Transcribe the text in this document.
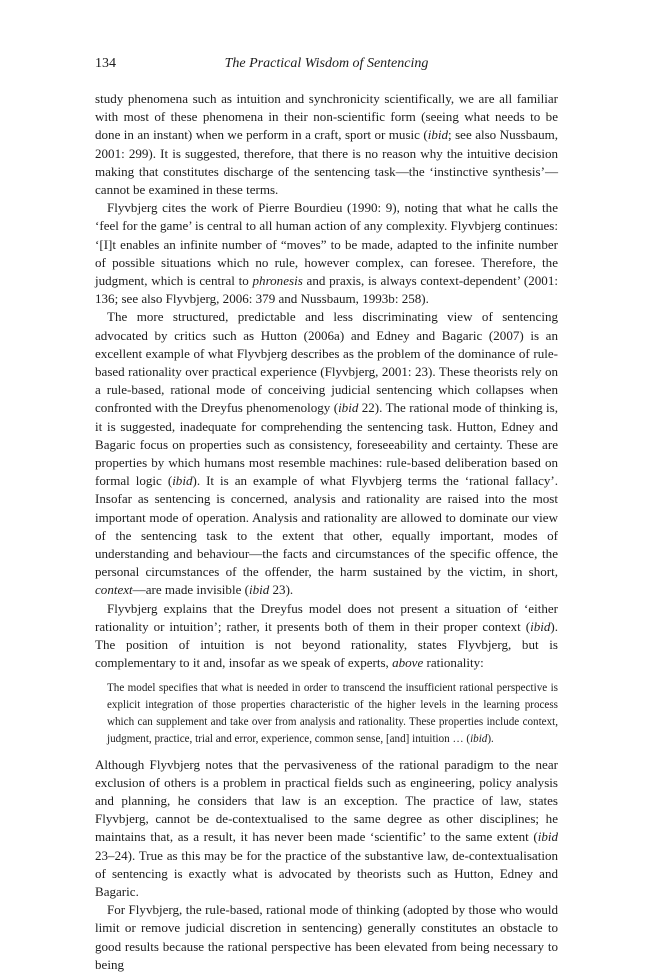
134	The Practical Wisdom of Sentencing

study phenomena such as intuition and synchronicity scientifically, we are all familiar with most of these phenomena in their non-scientific form (seeing what needs to be done in an instant) when we perform in a craft, sport or music (ibid; see also Nussbaum, 2001: 299). It is suggested, therefore, that there is no reason why the intuitive decision making that constitutes discharge of the sentencing task—the ‘instinctive synthesis’—cannot be examined in these terms.

Flyvbjerg cites the work of Pierre Bourdieu (1990: 9), noting that what he calls the ‘feel for the game’ is central to all human action of any complexity. Flyvbjerg continues: ‘[I]t enables an infinite number of “moves” to be made, adapted to the infinite number of possible situations which no rule, however complex, can foresee. Therefore, the judgment, which is central to phronesis and praxis, is always context-dependent’ (2001: 136; see also Flyvbjerg, 2006: 379 and Nussbaum, 1993b: 258).

The more structured, predictable and less discriminating view of sentencing advocated by critics such as Hutton (2006a) and Edney and Bagaric (2007) is an excellent example of what Flyvbjerg describes as the problem of the dominance of rule-based rationality over practical experience (Flyvbjerg, 2001: 23). These theorists rely on a rule-based, rational mode of conceiving judicial sentencing which collapses when confronted with the Dreyfus phenomenology (ibid 22). The rational mode of thinking is, it is suggested, inadequate for comprehending the sentencing task. Hutton, Edney and Bagaric focus on properties such as consistency, foreseeability and certainty. These are properties by which humans most resemble machines: rule-based deliberation based on formal logic (ibid). It is an example of what Flyvbjerg terms the ‘rational fallacy’. Insofar as sentencing is concerned, analysis and rationality are raised into the most important mode of operation. Analysis and rationality are allowed to dominate our view of the sentencing task to the extent that other, equally important, modes of understanding and behaviour—the facts and circumstances of the specific offence, the personal circumstances of the offender, the harm sustained by the victim, in short, context—are made invisible (ibid 23).

Flyvbjerg explains that the Dreyfus model does not present a situation of ‘either rationality or intuition’; rather, it presents both of them in their proper context (ibid). The position of intuition is not beyond rationality, states Flyvbjerg, but is complementary to it and, insofar as we speak of experts, above rationality:

The model specifies that what is needed in order to transcend the insufficient rational perspective is explicit integration of those properties characteristic of the higher levels in the learning process which can supplement and take over from analysis and rationality. These properties include context, judgment, practice, trial and error, experience, common sense, [and] intuition … (ibid).

Although Flyvbjerg notes that the pervasiveness of the rational paradigm to the near exclusion of others is a problem in practical fields such as engineering, policy analysis and planning, he considers that law is an exception. The practice of law, states Flyvbjerg, cannot be de-contextualised to the same degree as other disciplines; he maintains that, as a result, it has never been made ‘scientific’ to the same extent (ibid 23–24). True as this may be for the practice of the substantive law, de-contextualisation of sentencing is exactly what is advocated by theorists such as Hutton, Edney and Bagaric.

For Flyvbjerg, the rule-based, rational mode of thinking (adopted by those who would limit or remove judicial discretion in sentencing) generally constitutes an obstacle to good results because the rational perspective has been elevated from being necessary to being
